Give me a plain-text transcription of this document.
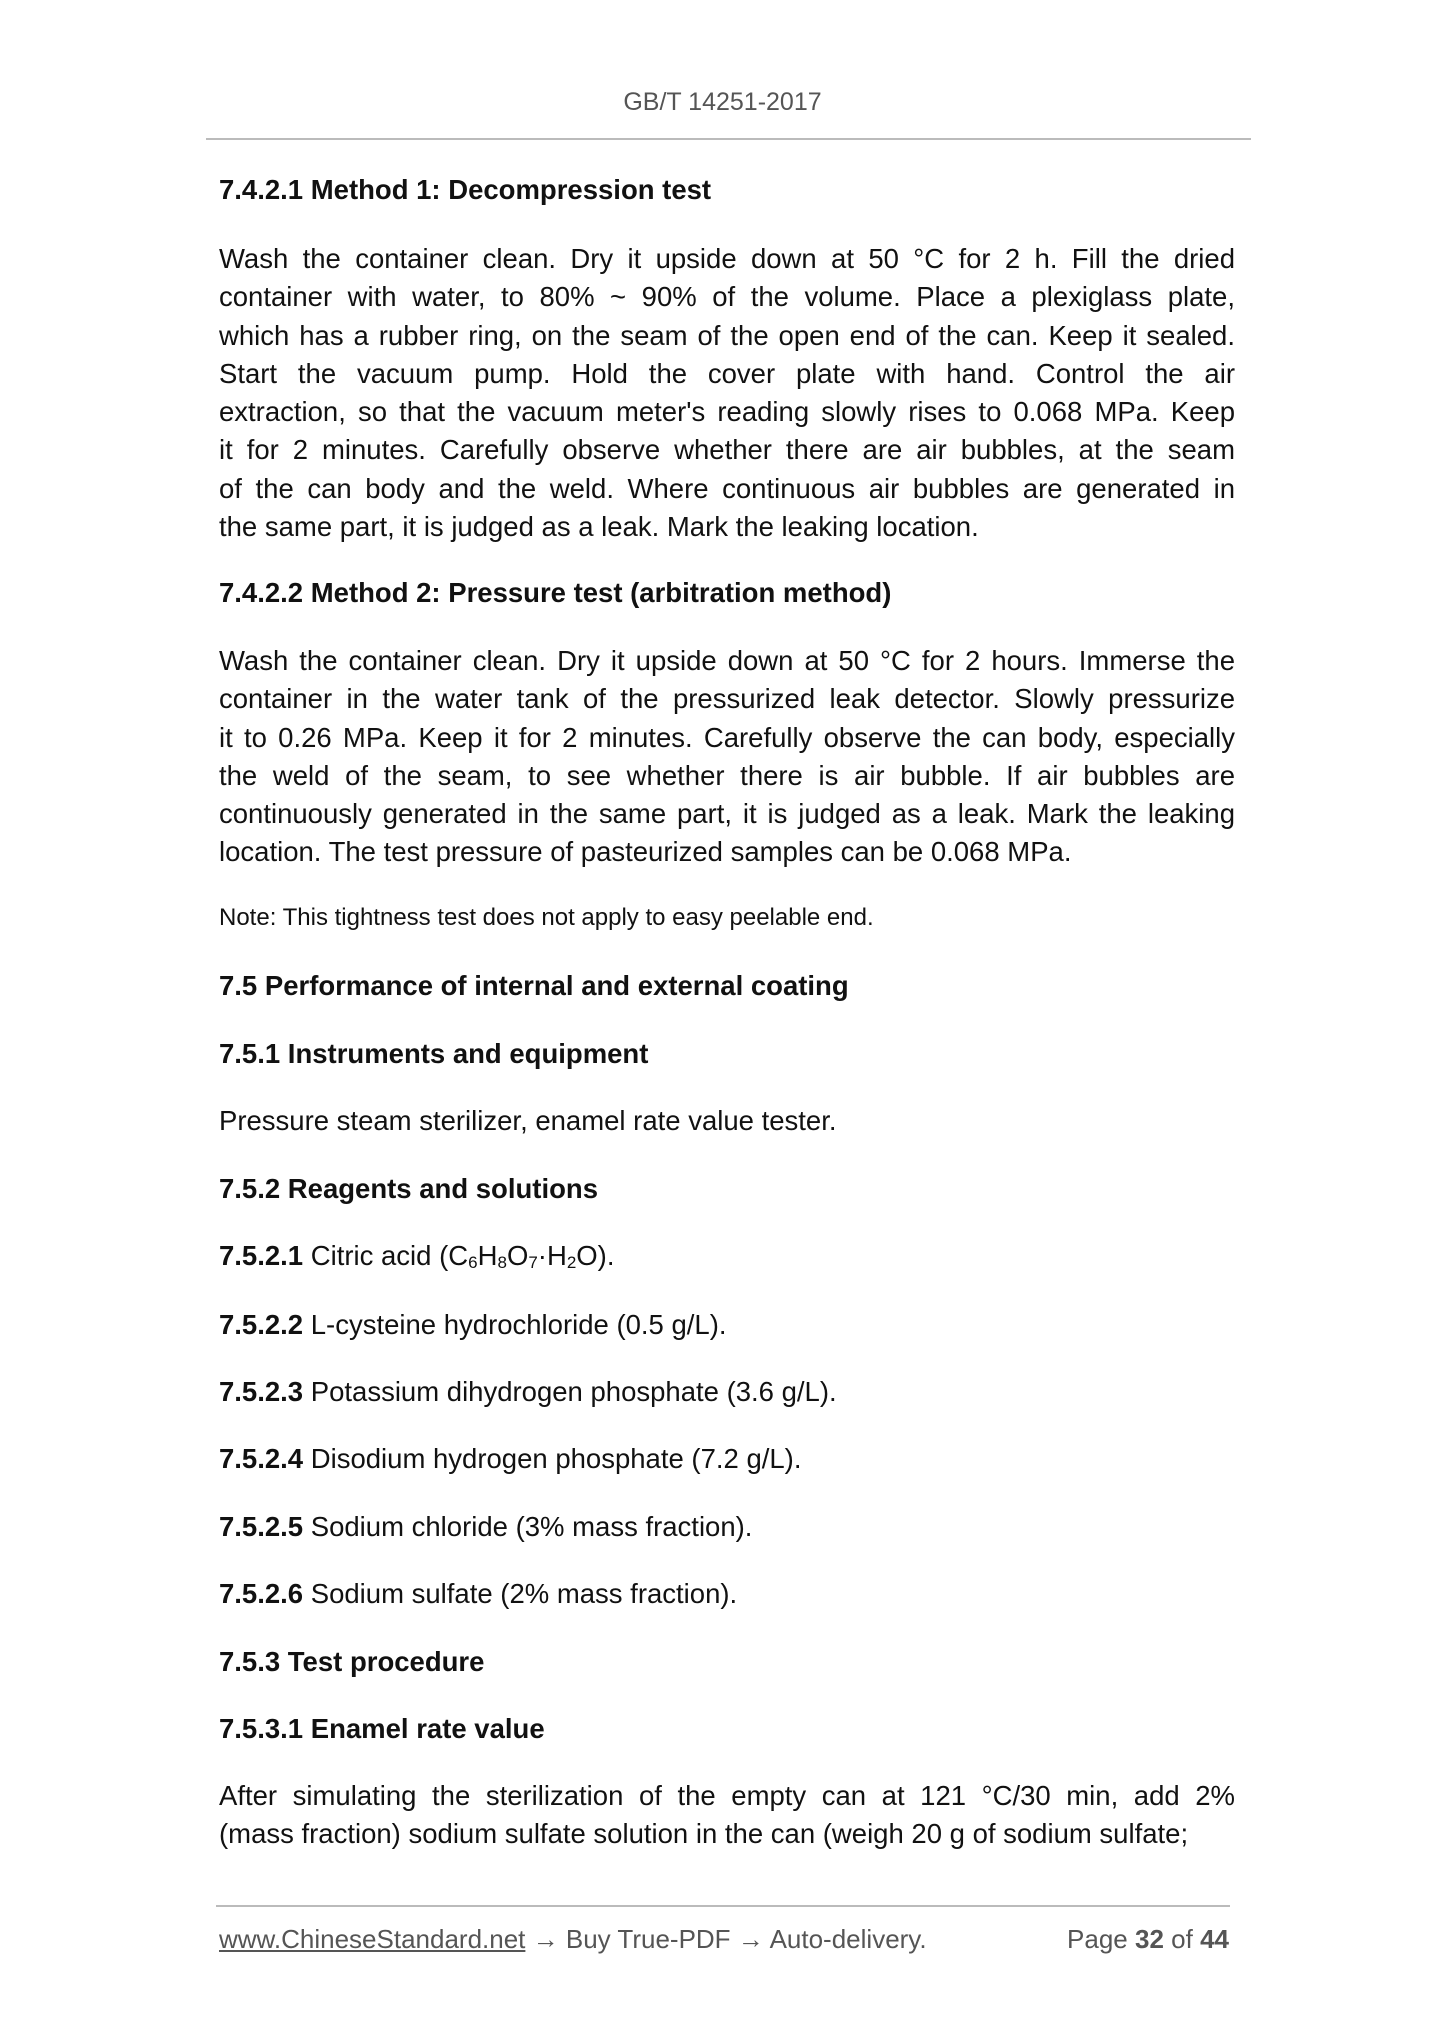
GB/T 14251-2017
7.4.2.1 Method 1: Decompression test
Wash the container clean. Dry it upside down at 50 °C for 2 h. Fill the dried
container with water, to 80% ~ 90% of the volume. Place a plexiglass plate,
which has a rubber ring, on the seam of the open end of the can. Keep it sealed.
Start the vacuum pump. Hold the cover plate with hand. Control the air
extraction, so that the vacuum meter's reading slowly rises to 0.068 MPa. Keep
it for 2 minutes. Carefully observe whether there are air bubbles, at the seam
of the can body and the weld. Where continuous air bubbles are generated in
the same part, it is judged as a leak. Mark the leaking location.
7.4.2.2 Method 2: Pressure test (arbitration method)
Wash the container clean. Dry it upside down at 50 °C for 2 hours. Immerse the
container in the water tank of the pressurized leak detector. Slowly pressurize
it to 0.26 MPa. Keep it for 2 minutes. Carefully observe the can body, especially
the weld of the seam, to see whether there is air bubble. If air bubbles are
continuously generated in the same part, it is judged as a leak. Mark the leaking
location. The test pressure of pasteurized samples can be 0.068 MPa.
Note: This tightness test does not apply to easy peelable end.
7.5 Performance of internal and external coating
7.5.1 Instruments and equipment
Pressure steam sterilizer, enamel rate value tester.
7.5.2 Reagents and solutions
7.5.2.1 Citric acid $(C_6H_8O_7\cdot H_2O)$.
7.5.2.2 L-cysteine hydrochloride (0.5 g/L).
7.5.2.3 Potassium dihydrogen phosphate (3.6 g/L).
7.5.2.4 Disodium hydrogen phosphate (7.2 g/L).
7.5.2.5 Sodium chloride (3% mass fraction).
7.5.2.6 Sodium sulfate (2% mass fraction).
7.5.3 Test procedure
7.5.3.1 Enamel rate value
After simulating the sterilization of the empty can at 121 °C/30 min, add 2%
(mass fraction) sodium sulfate solution in the can (weigh 20 g of sodium sulfate;
www.ChineseStandard.net → Buy True-PDF → Auto-delivery.	Page 32 of 44
